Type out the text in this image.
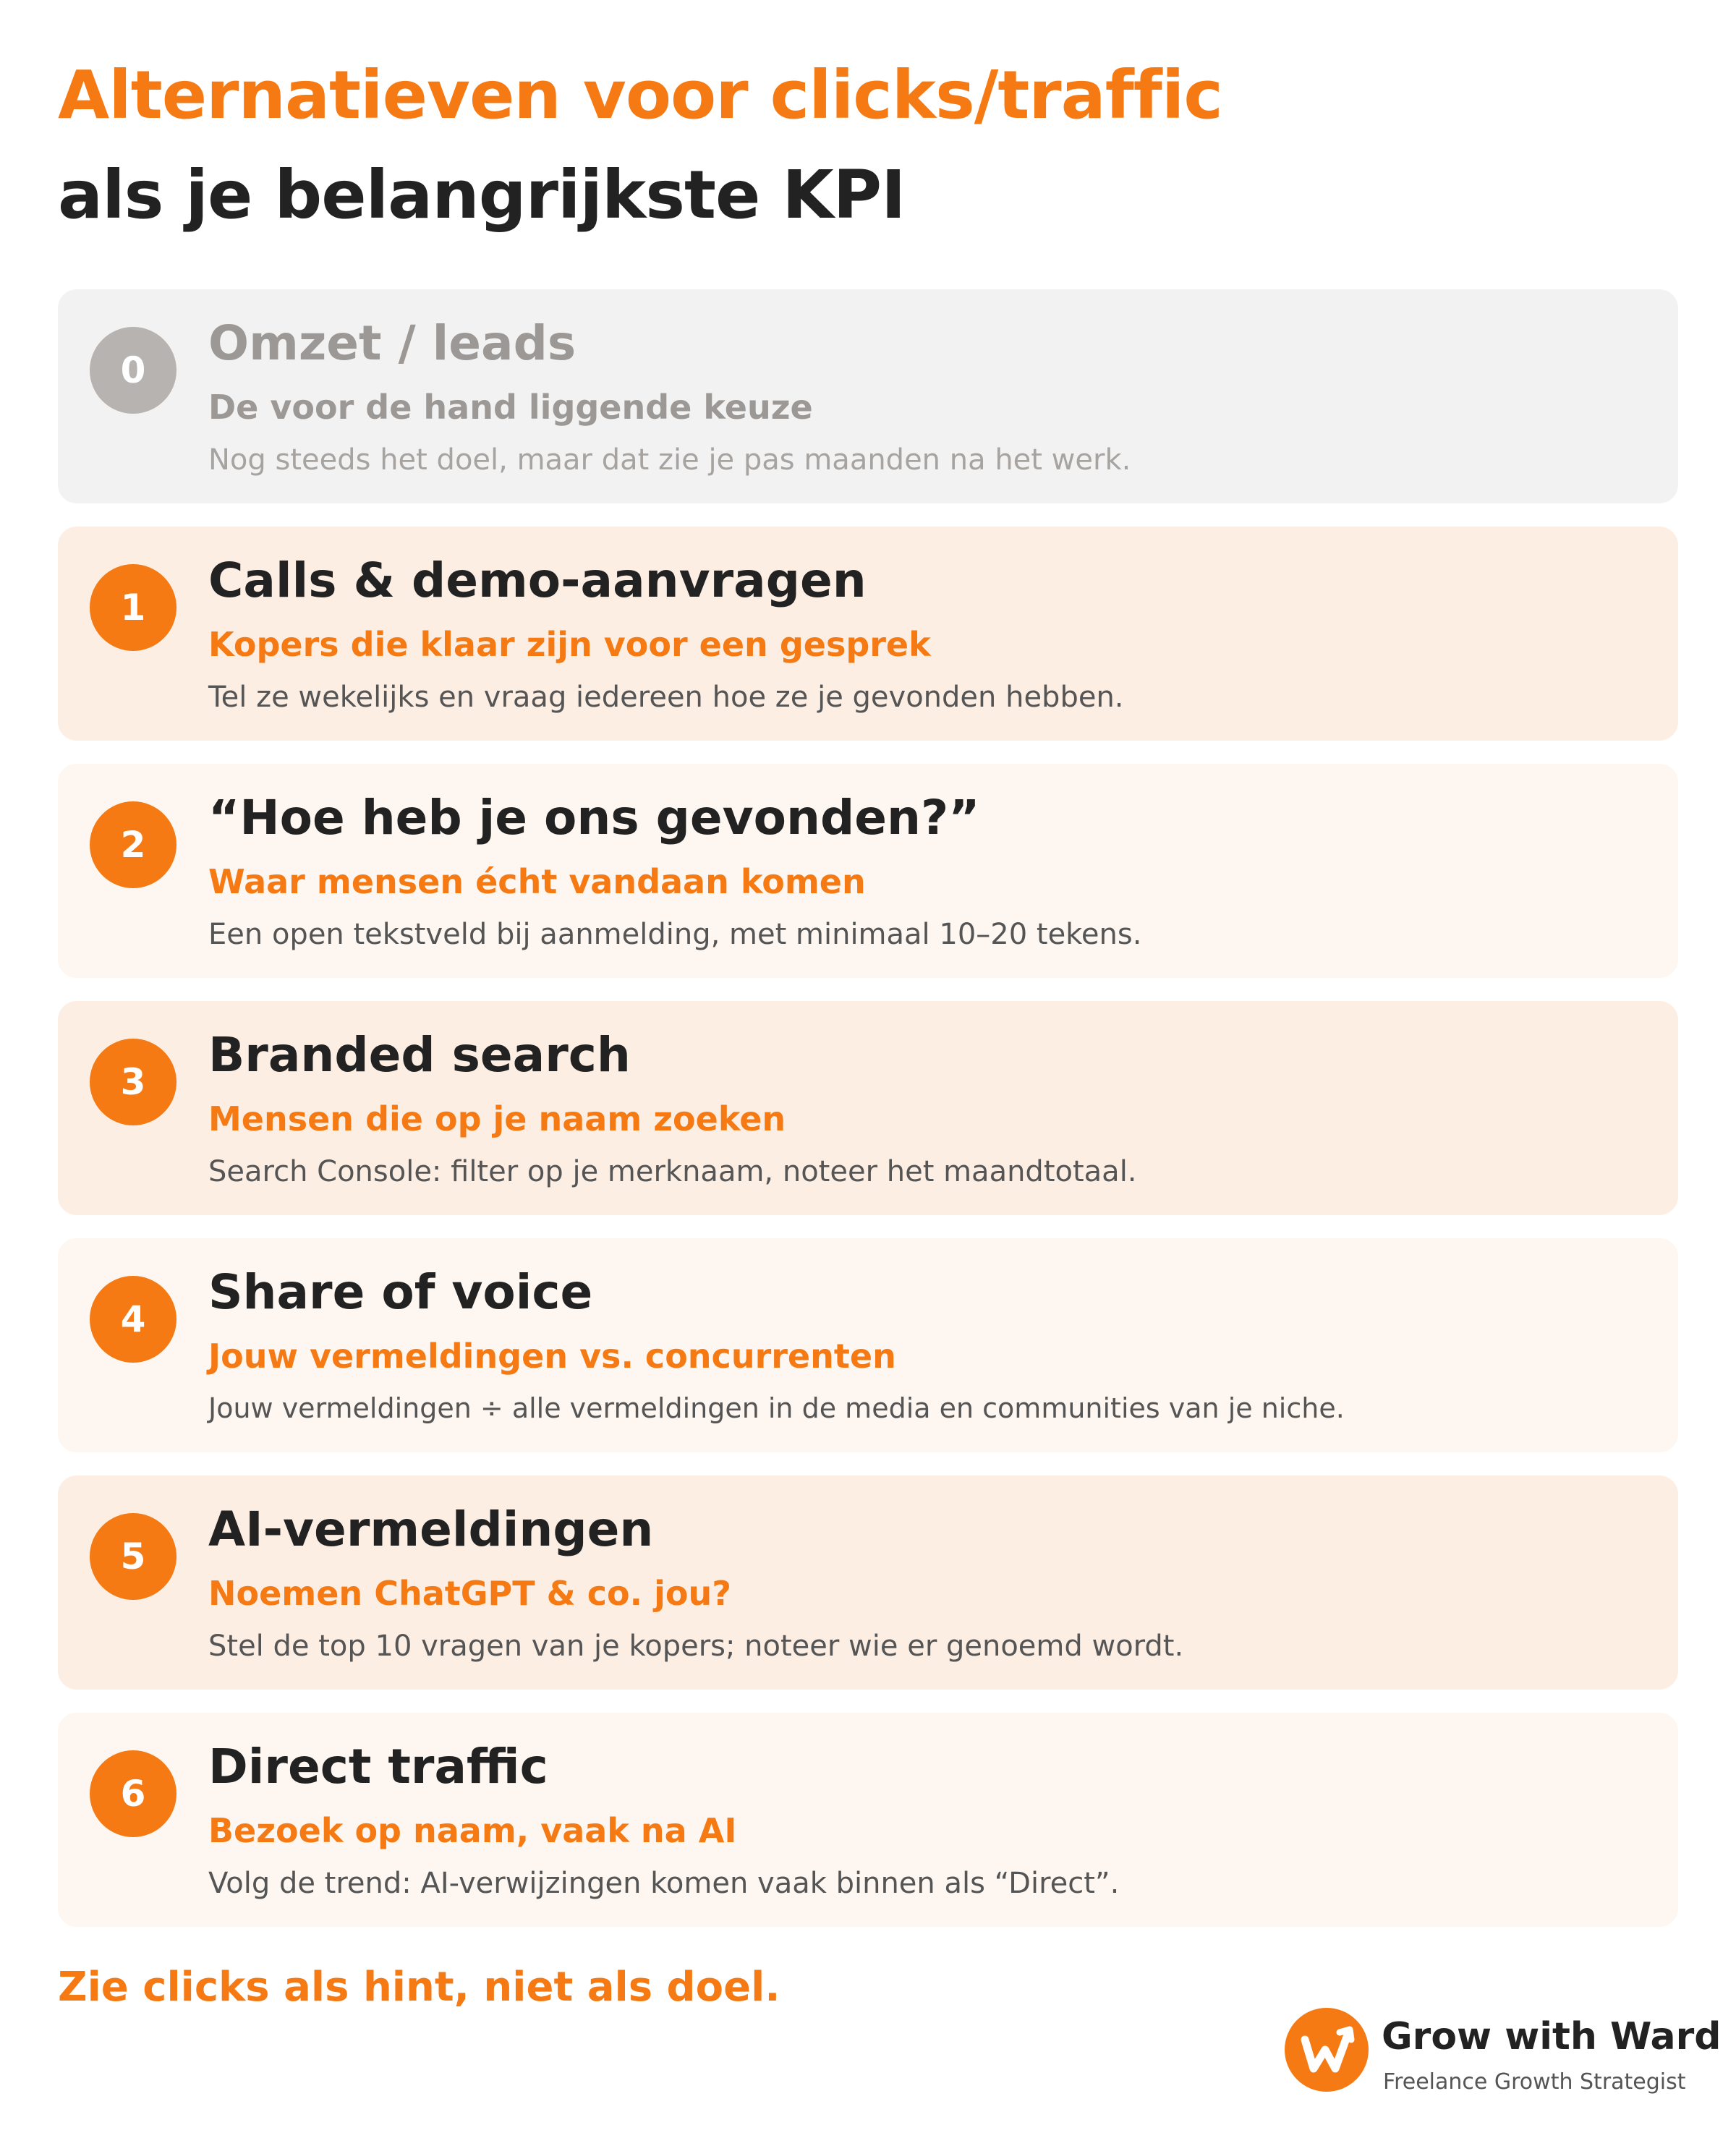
Alternatieven voor clicks/traffic
als je belangrijkste KPI
0	Omzet / leads
De voor de hand liggende keuze
Nog steeds het doel, maar dat zie je pas maanden na het werk.
1	Calls & demo-aanvragen
Kopers die klaar zijn voor een gesprek
Tel ze wekelijks en vraag iedereen hoe ze je gevonden hebben.
2	“Hoe heb je ons gevonden?”
Waar mensen écht vandaan komen
Een open tekstveld bij aanmelding, met minimaal 10–20 tekens.
3	Branded search
Mensen die op je naam zoeken
Search Console: filter op je merknaam, noteer het maandtotaal.
4	Share of voice
Jouw vermeldingen vs. concurrenten
Jouw vermeldingen ÷ alle vermeldingen in de media en communities van je niche.
5	AI-vermeldingen
Noemen ChatGPT & co. jou?
Stel de top 10 vragen van je kopers; noteer wie er genoemd wordt.
6	Direct traffic
Bezoek op naam, vaak na AI
Volg de trend: AI-verwijzingen komen vaak binnen als “Direct”.
Zie clicks als hint, niet als doel.
Grow with Ward
Freelance Growth Strategist
